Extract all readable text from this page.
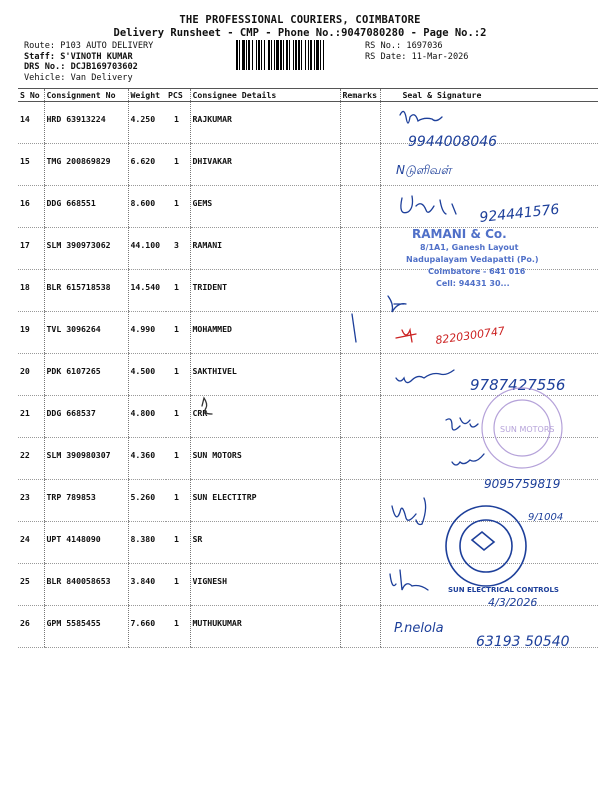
THE PROFESSIONAL COURIERS, COIMBATORE
Delivery Runsheet - CMP - Phone No.:9047080280 - Page No.:2
Route: P103 AUTO DELIVERY
Staff: S'VINOTH KUMAR
DRS No.: DCJB169703602
Vehicle: Van Delivery
RS No.: 1697036
RS Date: 11-Mar-2026
S No	Consignment No	Weight	PCS	Consignee Details	Remarks	Seal & Signature
14	HRD 63913224	4.250	1	RAJKUMAR		
15	TMG 200869829	6.620	1	DHIVAKAR		
16	DDG 668551	8.600	1	GEMS		
17	SLM 390973062	44.100	3	RAMANI		
18	BLR 615718538	14.540	1	TRIDENT		
19	TVL 3096264	4.990	1	MOHAMMED		
20	PDK 6107265	4.500	1	SAKTHIVEL		
21	DDG 668537	4.800	1	CRR		
22	SLM 390980307	4.360	1	SUN MOTORS		
23	TRP 789853	5.260	1	SUN ELECTITRP		
24	UPT 4148090	8.380	1	SR		
25	BLR 840058653	3.840	1	VIGNESH		
26	GPM 5585455	7.660	1	MUTHUKUMAR		
9944008046
Nடுளிவள்
924441576
8220300747
9787427556
9095759819
9/1004
4/3/2026
P.nelola
63193 50540
RAMANI & Co.
8/1A1, Ganesh Layout
Nadupalayam Vedapatti (Po.)
Coimbatore - 641 016
Cell: 94431 30...
SUN MOTORS
SUN ELECTRICAL CONTROLS
